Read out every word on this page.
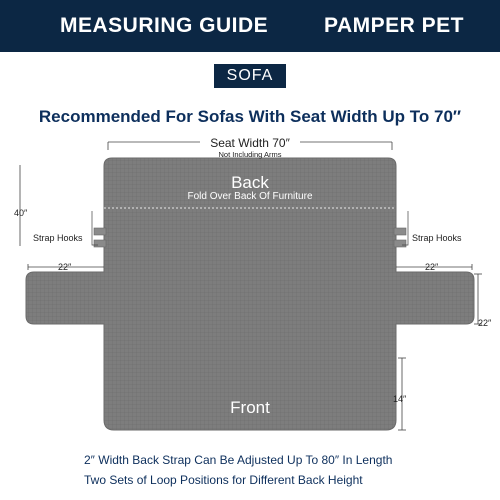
MEASURING GUIDE	PAMPER PET
SOFA
Recommended For Sofas With Seat Width Up To 70″
Seat Width 70″
Not Including Arms
Back
Fold Over Back Of Furniture
Front
40″
22″	22″
22″
14″
Strap Hooks	Strap Hooks
2″ Width Back Strap Can Be Adjusted Up To 80″ In Length
Two Sets of Loop Positions for Different Back Height
